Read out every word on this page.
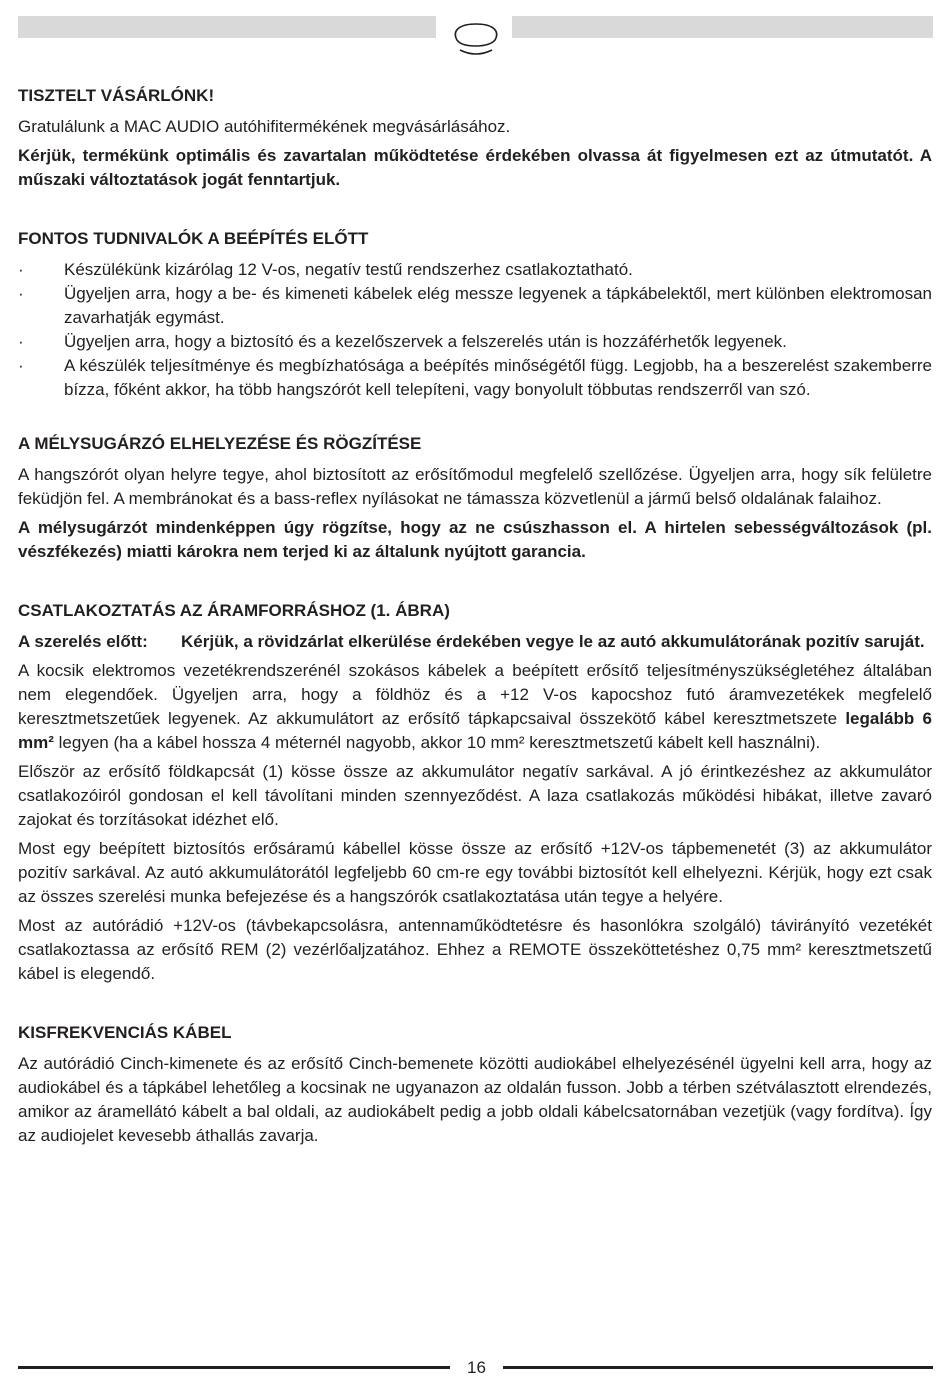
TISZTELT VÁSÁRLÓNK!

Gratulálunk a MAC AUDIO autóhifitermékének megvásárlásához.

Kérjük, termékünk optimális és zavartalan működtetése érdekében olvassa át figyelmesen ezt az útmutatót. A műszaki változtatások jogát fenntartjuk.

FONTOS TUDNIVALÓK A BEÉPÍTÉS ELŐTT
· Készülékünk kizárólag 12 V-os, negatív testű rendszerhez csatlakoztatható.
· Ügyeljen arra, hogy a be- és kimeneti kábelek elég messze legyenek a tápkábelektől, mert különben elektromosan zavarhatják egymást.
· Ügyeljen arra, hogy a biztosító és a kezelőszervek a felszerelés után is hozzáférhetők legyenek.
· A készülék teljesítménye és megbízhatósága a beépítés minőségétől függ. Legjobb, ha a beszerelést szakemberre bízza, főként akkor, ha több hangszórót kell telepíteni, vagy bonyolult többutas rendszerről van szó.
A MÉLYSUGÁRZÓ ELHELYEZÉSE ÉS RÖGZÍTÉSE

A hangszórót olyan helyre tegye, ahol biztosított az erősítőmodul megfelelő szellőzése. Ügyeljen arra, hogy sík felületre feküdjön fel. A membránokat és a bass-reflex nyílásokat ne támassza közvetlenül a jármű belső oldalának falaihoz.

A mélysugárzót mindenképpen úgy rögzítse, hogy az ne csúszhasson el. A hirtelen sebességváltozások (pl. vészfékezés) miatti károkra nem terjed ki az általunk nyújtott garancia.

CSATLAKOZTATÁS AZ ÁRAMFORRÁSHOZ (1. ÁBRA)
A szerelés előtt:	Kérjük, a rövidzárlat elkerülése érdekében vegye le az autó akkumulátorának pozitív saruját.

A kocsik elektromos vezetékrendszerénél szokásos kábelek a beépített erősítő teljesítményszükségletéhez általában nem elegendőek. Ügyeljen arra, hogy a földhöz és a +12 V-os kapocshoz futó áramvezetékek megfelelő keresztmetszetűek legyenek. Az akkumulátort az erősítő tápkapcsaival összekötő kábel keresztmetszete legalább 6 mm² legyen (ha a kábel hossza 4 méternél nagyobb, akkor 10 mm² keresztmetszetű kábelt kell használni).

Először az erősítő földkapcsát (1) kösse össze az akkumulátor negatív sarkával. A jó érintkezéshez az akkumulátor csatlakozóiról gondosan el kell távolítani minden szennyeződést. A laza csatlakozás működési hibákat, illetve zavaró zajokat és torzításokat idézhet elő.

Most egy beépített biztosítós erősáramú kábellel kösse össze az erősítő +12V-os tápbemenetét (3) az akkumulátor pozitív sarkával. Az autó akkumulátorától legfeljebb 60 cm-re egy további biztosítót kell elhelyezni. Kérjük, hogy ezt csak az összes szerelési munka befejezése és a hangszórók csatlakoztatása után tegye a helyére.

Most az autórádió +12V-os (távbekapcsolásra, antennaműködtetésre és hasonlókra szolgáló) távirányító vezetékét csatlakoztassa az erősítő REM (2) vezérlőaljzatához. Ehhez a REMOTE összeköttetéshez 0,75 mm² keresztmetszetű kábel is elegendő.

KISFREKVENCIÁS KÁBEL

Az autórádió Cinch-kimenete és az erősítő Cinch-bemenete közötti audiokábel elhelyezésénél ügyelni kell arra, hogy az audiokábel és a tápkábel lehetőleg a kocsinak ne ugyanazon az oldalán fusson. Jobb a térben szétválasztott elrendezés, amikor az áramellátó kábelt a bal oldali, az audiokábelt pedig a jobb oldali kábelcsatornában vezetjük (vagy fordítva). Így az audiojelet kevesebb áthallás zavarja.

16
